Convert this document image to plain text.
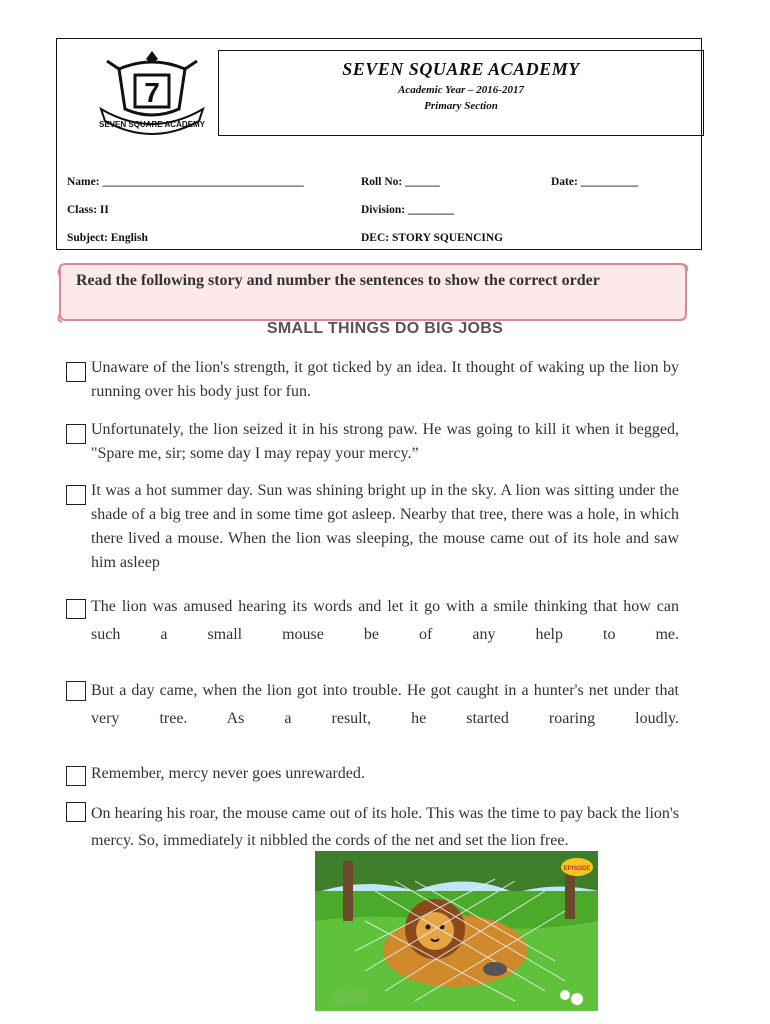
7
SEVEN SQUARE ACADEMY
SEVEN SQUARE ACADEMY
Academic Year – 2016-2017
Primary Section
Name: ___________________________________	Roll No: ______	Date: __________
Class: II	Division: ________
Subject: English	DEC: STORY SQUENCING
Read the following story and number the sentences to show the correct order
SMALL THINGS DO BIG JOBS
Unaware of the lion's strength, it got ticked by an idea. It thought of waking up the lion by running over his body just for fun.
Unfortunately, the lion seized it in his strong paw. He was going to kill it when it begged, "Spare me, sir; some day I may repay your mercy.”
It was a hot summer day. Sun was shining bright up in the sky. A lion was sitting under the shade of a big tree and in some time got asleep. Nearby that tree, there was a hole, in which there lived a mouse. When the lion was sleeping, the mouse came out of its hole and saw him asleep
The lion was amused hearing its words and let it go with a smile thinking that how can such a small mouse be of any help to me.
But a day came, when the lion got into trouble. He got caught in a hunter's net under that very tree. As a result, he started roaring loudly.
Remember, mercy never goes unrewarded.
On hearing his roar, the mouse came out of its hole. This was the time to pay back the lion's mercy. So, immediately it nibbled the cords of the net and set the lion free.
EPISODE
